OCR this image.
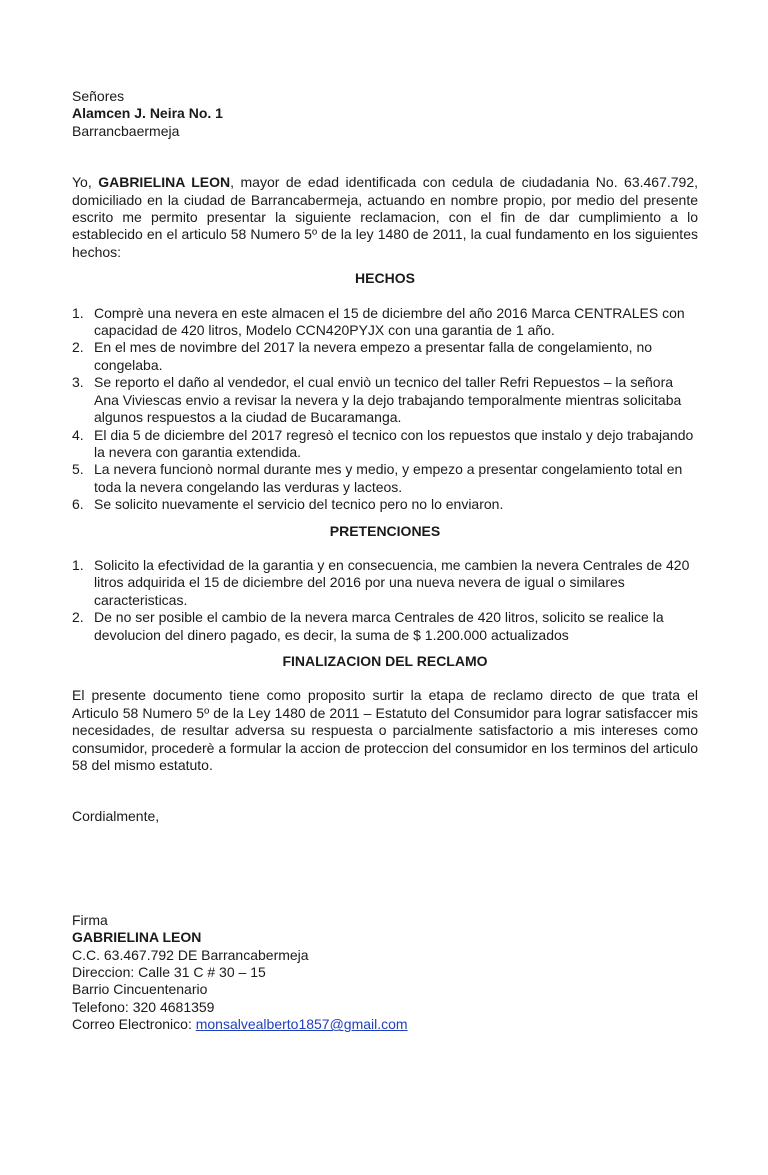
Señores
Alamcen J. Neira No. 1
Barrancbaermeja

Yo, GABRIELINA LEON, mayor de edad identificada con cedula de ciudadania No. 63.467.792, domiciliado en la ciudad de Barrancabermeja, actuando en nombre propio, por medio del presente escrito me permito presentar la siguiente reclamacion, con el fin de dar cumplimiento a lo establecido en el articulo 58 Numero 5º de la ley 1480 de 2011, la cual fundamento en los siguientes hechos:

HECHOS
1. Comprè una nevera en este almacen el 15 de diciembre del año 2016 Marca CENTRALES con capacidad de 420 litros, Modelo CCN420PYJX con una garantia de 1 año.
2. En el mes de novimbre del 2017 la nevera empezo a presentar falla de congelamiento, no congelaba.
3. Se reporto el daño al vendedor, el cual enviò un tecnico del taller Refri Repuestos – la señora Ana Viviescas envio a revisar la nevera y la dejo trabajando temporalmente mientras solicitaba algunos respuestos a la ciudad de Bucaramanga.
4. El dia 5 de diciembre del 2017 regresò el tecnico con los repuestos que instalo y dejo trabajando la nevera con garantia extendida.
5. La nevera funcionò normal durante mes y medio, y empezo a presentar congelamiento total en toda la nevera congelando las verduras y lacteos.
6. Se solicito nuevamente el servicio del tecnico pero no lo enviaron.
PRETENCIONES
1. Solicito la efectividad de la garantia y en consecuencia, me cambien la nevera Centrales de 420 litros adquirida el 15 de diciembre del 2016 por una nueva nevera de igual o similares caracteristicas.
2. De no ser posible el cambio de la nevera marca Centrales de 420 litros, solicito se realice la devolucion del dinero pagado, es decir, la suma de $ 1.200.000 actualizados
FINALIZACION DEL RECLAMO

El presente documento tiene como proposito surtir la etapa de reclamo directo de que trata el Articulo 58 Numero 5º de la Ley 1480 de 2011 – Estatuto del Consumidor para lograr satisfaccer mis necesidades, de resultar adversa su respuesta o parcialmente satisfactorio a mis intereses como consumidor, procederè a formular la accion de proteccion del consumidor en los terminos del articulo 58 del mismo estatuto.

Cordialmente,
Firma
GABRIELINA LEON
C.C. 63.467.792 DE Barrancabermeja
Direccion: Calle 31 C # 30 – 15
Barrio Cincuentenario
Telefono: 320 4681359
Correo Electronico: monsalvealberto1857@gmail.com
